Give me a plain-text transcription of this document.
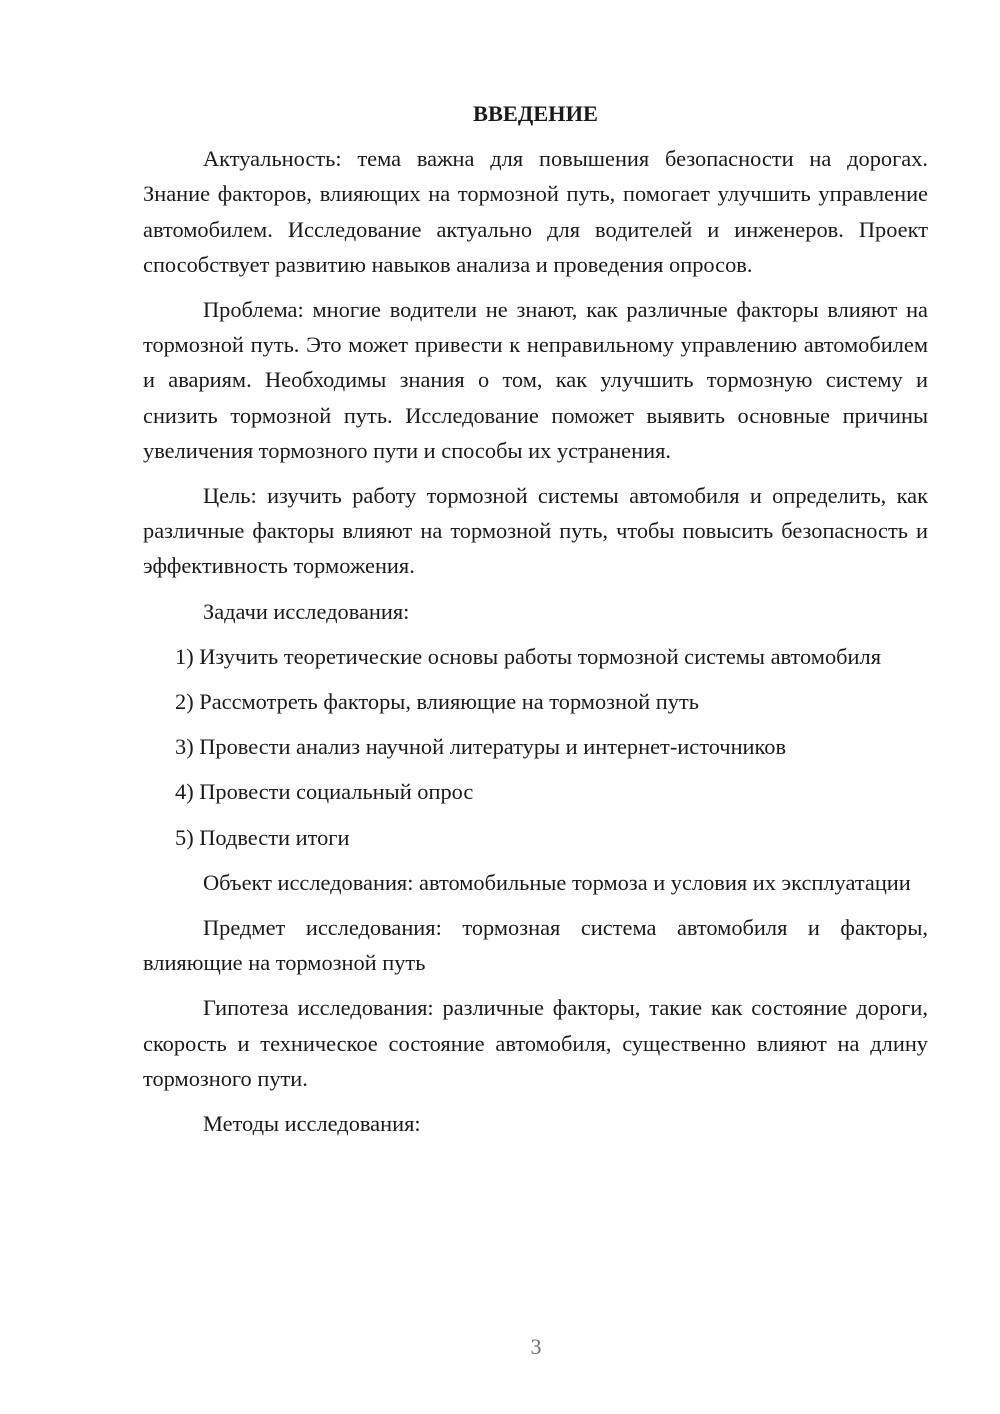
ВВЕДЕНИЕ

Актуальность: тема важна для повышения безопасности на дорогах. Знание факторов, влияющих на тормозной путь, помогает улучшить управление автомобилем. Исследование актуально для водителей и инженеров. Проект способствует развитию навыков анализа и проведения опросов.

Проблема: многие водители не знают, как различные факторы влияют на тормозной путь. Это может привести к неправильному управлению автомобилем и авариям. Необходимы знания о том, как улучшить тормозную систему и снизить тормозной путь. Исследование поможет выявить основные причины увеличения тормозного пути и способы их устранения.

Цель: изучить работу тормозной системы автомобиля и определить, как различные факторы влияют на тормозной путь, чтобы повысить безопасность и эффективность торможения.

Задачи исследования:

1) Изучить теоретические основы работы тормозной системы автомобиля

2) Рассмотреть факторы, влияющие на тормозной путь

3) Провести анализ научной литературы и интернет-источников

4) Провести социальный опрос

5) Подвести итоги

Объект исследования: автомобильные тормоза и условия их эксплуатации

Предмет исследования: тормозная система автомобиля и факторы, влияющие на тормозной путь

Гипотеза исследования: различные факторы, такие как состояние дороги, скорость и техническое состояние автомобиля, существенно влияют на длину тормозного пути.

Методы исследования:

3
